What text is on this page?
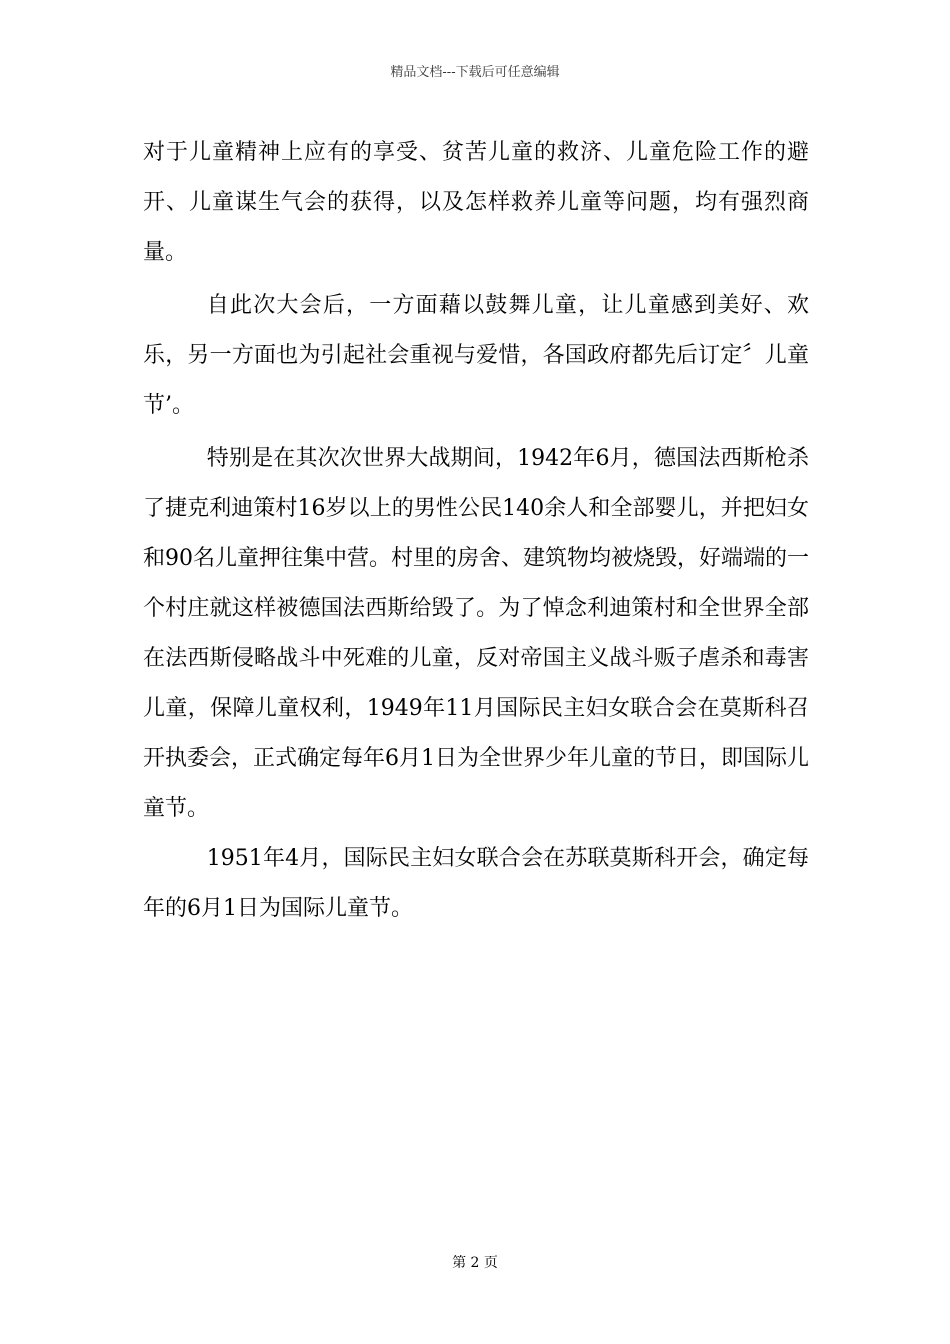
精品文档---下载后可任意编辑

对于儿童精神上应有的享受、贫苦儿童的救济、儿童危险工作的避开、儿童谋生气会的获得，以及怎样救养儿童等问题，均有强烈商量。

自此次大会后，一方面藉以鼓舞儿童，让儿童感到美好、欢乐，另一方面也为引起社会重视与爱惜，各国政府都先后订定〞儿童节’。

特别是在其次次世界大战期间，1942年6月，德国法西斯枪杀了捷克利迪策村16岁以上的男性公民140余人和全部婴儿，并把妇女和90名儿童押往集中营。村里的房舍、建筑物均被烧毁，好端端的一个村庄就这样被德国法西斯给毁了。为了悼念利迪策村和全世界全部在法西斯侵略战斗中死难的儿童，反对帝国主义战斗贩子虐杀和毒害儿童，保障儿童权利，1949年11月国际民主妇女联合会在莫斯科召开执委会，正式确定每年6月1日为全世界少年儿童的节日，即国际儿童节。

1951年4月，国际民主妇女联合会在苏联莫斯科开会，确定每年的6月1日为国际儿童节。

第 2 页
